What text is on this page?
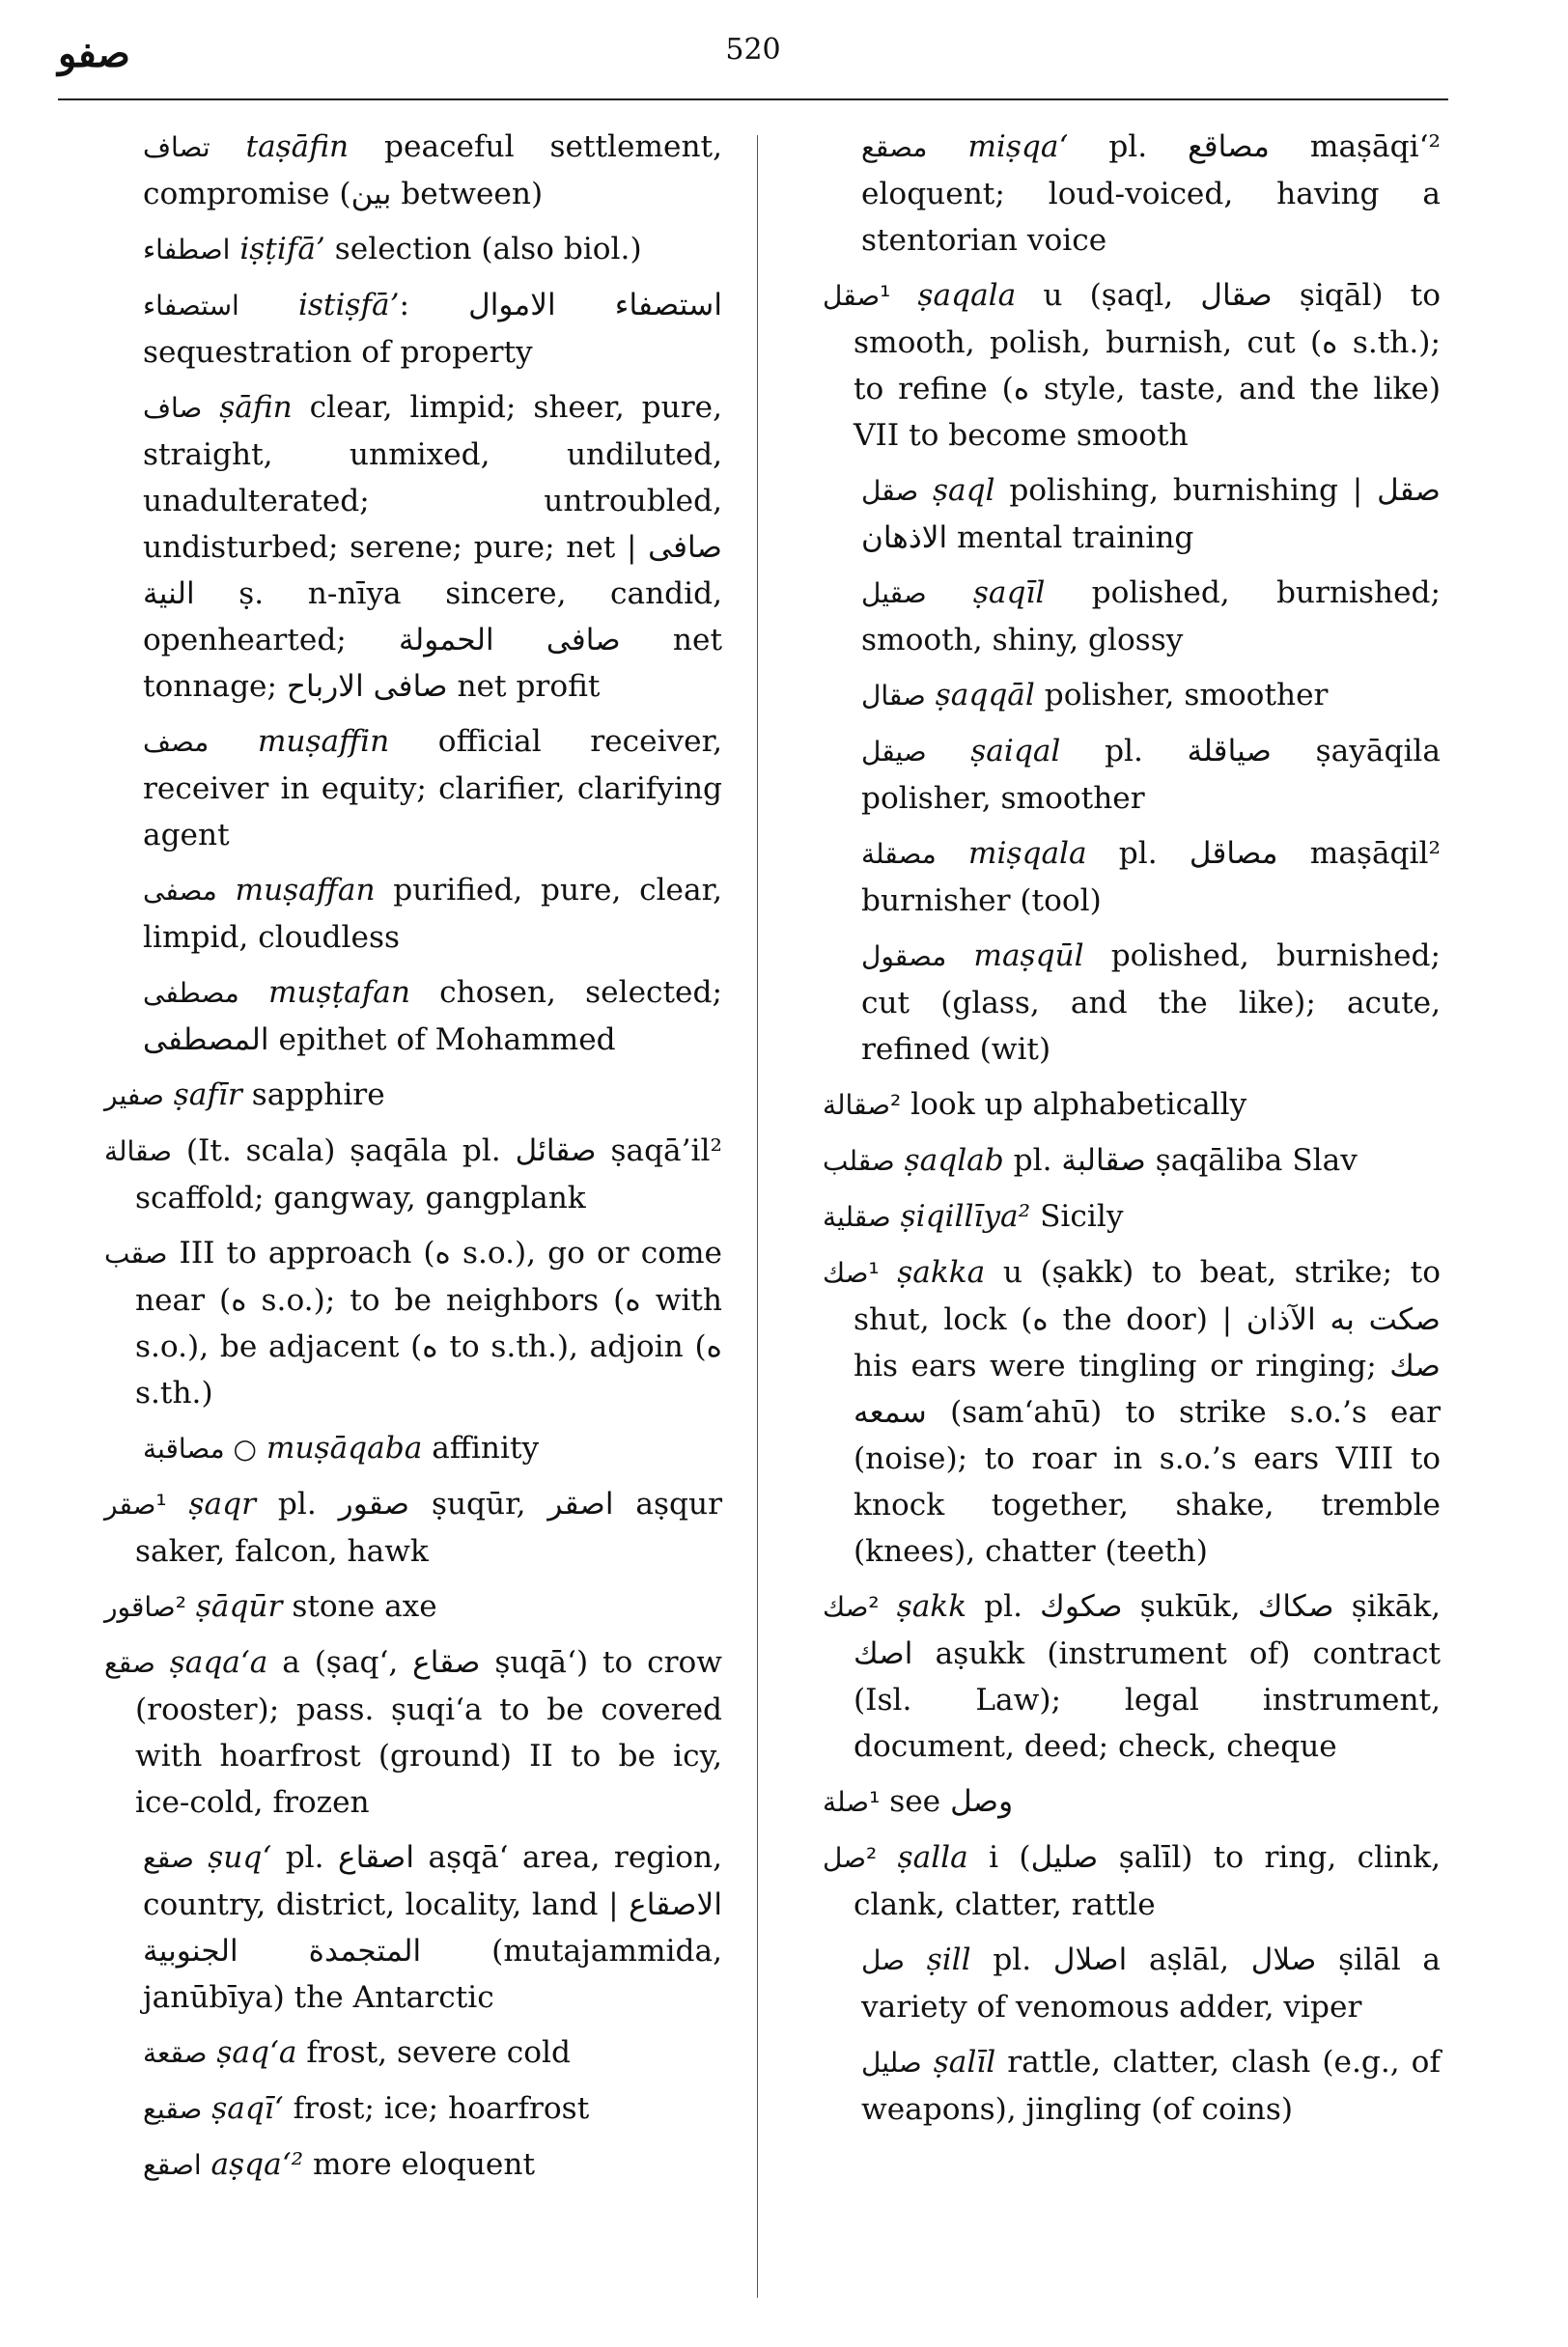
صفو	520
تصاف taṣāfin peaceful settlement, compromise (بين between)
اصطفاء iṣṭifā’ selection (also biol.)
استصفاء istiṣfā’: استصفاء الاموال sequestration of property
صاف ṣāfin clear, limpid; sheer, pure, straight, unmixed, undiluted, unadulterated; untroubled, undisturbed; serene; pure; net | صافى النية ṣ. n-nīya sincere, candid, openhearted; صافى الحمولة net tonnage; صافى الارباح net profit
مصف muṣaffin official receiver, receiver in equity; clarifier, clarifying agent
مصفى muṣaffan purified, pure, clear, limpid, cloudless
مصطفى muṣṭafan chosen, selected; المصطفى epithet of Mohammed
صفير ṣafīr sapphire
صقالة (It. scala) ṣaqāla pl. صقائل ṣaqā’il² scaffold; gangway, gangplank
صقب III to approach (ه s.o.), go or come near (ه s.o.); to be neighbors (ه with s.o.), be adjacent (ه to s.th.), adjoin (ه s.th.)
○ مصاقبة muṣāqaba affinity
¹صقر ṣaqr pl. صقور ṣuqūr, اصقر aṣqur saker, falcon, hawk
²صاقور ṣāqūr stone axe
صقع ṣaqa‘a a (ṣaq‘, صقاع ṣuqā‘) to crow (rooster); pass. ṣuqi‘a to be covered with hoarfrost (ground) II to be icy, ice-cold, frozen
صقع ṣuq‘ pl. اصقاع aṣqā‘ area, region, country, district, locality, land | الاصقاع المتجمدة الجنوبية (mutajammida, janūbīya) the Antarctic
صقعة ṣaq‘a frost, severe cold
صقيع ṣaqī‘ frost; ice; hoarfrost
اصقع aṣqa‘² more eloquent
مصقع miṣqa‘ pl. مصاقع maṣāqi‘² eloquent; loud-voiced, having a stentorian voice
¹صقل ṣaqala u (ṣaql, صقال ṣiqāl) to smooth, polish, burnish, cut (ه s.th.); to refine (ه style, taste, and the like) VII to become smooth
صقل ṣaql polishing, burnishing | صقل الاذهان mental training
صقيل ṣaqīl polished, burnished; smooth, shiny, glossy
صقال ṣaqqāl polisher, smoother
صيقل ṣaiqal pl. صياقلة ṣayāqila polisher, smoother
مصقلة miṣqala pl. مصاقل maṣāqil² burnisher (tool)
مصقول maṣqūl polished, burnished; cut (glass, and the like); acute, refined (wit)
²صقالة look up alphabetically
صقلب ṣaqlab pl. صقالبة ṣaqāliba Slav
صقلية ṣiqillīya² Sicily
¹صك ṣakka u (ṣakk) to beat, strike; to shut, lock (ه the door) | صكت به الآذان his ears were tingling or ringing; صك سمعه (sam‘ahū) to strike s.o.’s ear (noise); to roar in s.o.’s ears VIII to knock together, shake, tremble (knees), chatter (teeth)
²صك ṣakk pl. صكوك ṣukūk, صكاك ṣikāk, اصك aṣukk (instrument of) contract (Isl. Law); legal instrument, document, deed; check, cheque
¹صلة see وصل
²صل ṣalla i (صليل ṣalīl) to ring, clink, clank, clatter, rattle
صل ṣill pl. اصلال aṣlāl, صلال ṣilāl a variety of venomous adder, viper
صليل ṣalīl rattle, clatter, clash (e.g., of weapons), jingling (of coins)
